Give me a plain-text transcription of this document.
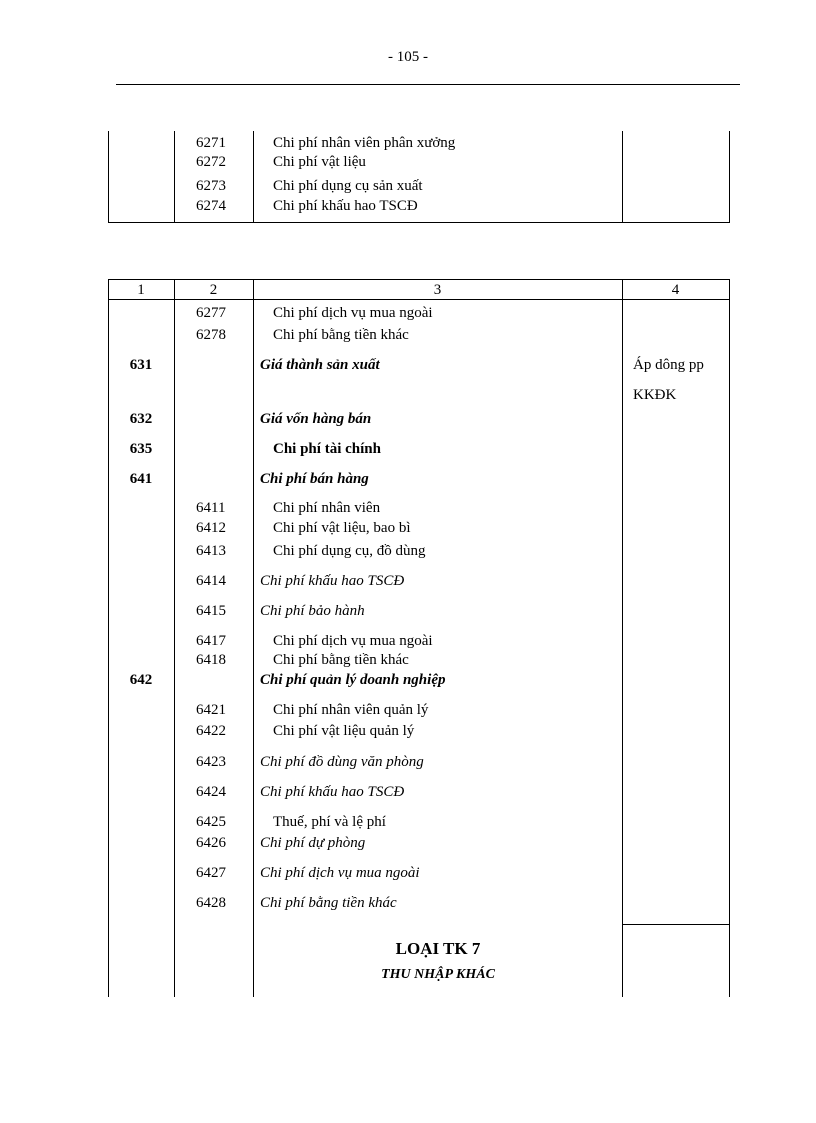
- 105 -
6271	Chi phí nhân viên phân xưởng
6272	Chi phí vật liệu
6273	Chi phí dụng cụ sản xuất
6274	Chi phí khấu hao TSCĐ
1	2	3	4
6277	Chi phí dịch vụ mua ngoài
6278	Chi phí bằng tiền khác
631	Giá thành sản xuất	Áp dông pp
KKĐK
632	Giá vốn hàng bán
635	Chi phí tài chính
641	Chi phí bán hàng
6411	Chi phí nhân viên
6412	Chi phí vật liệu, bao bì
6413	Chi phí dụng cụ, đồ dùng
6414 Chi phí khấu hao TSCĐ
6415 Chi phí bảo hành
6417	Chi phí dịch vụ mua ngoài
6418	Chi phí bằng tiền khác
642	Chi phí quản lý doanh nghiệp
6421	Chi phí nhân viên quản lý
6422	Chi phí vật liệu quản lý
6423 Chi phí đồ dùng văn phòng
6424 Chi phí khấu hao TSCĐ
6425	Thuế, phí và lệ phí
6426 Chi phí dự phòng
6427 Chi phí dịch vụ mua ngoài
6428 Chi phí bằng tiền khác
LOẠI TK 7
THU NHẬP KHÁC
